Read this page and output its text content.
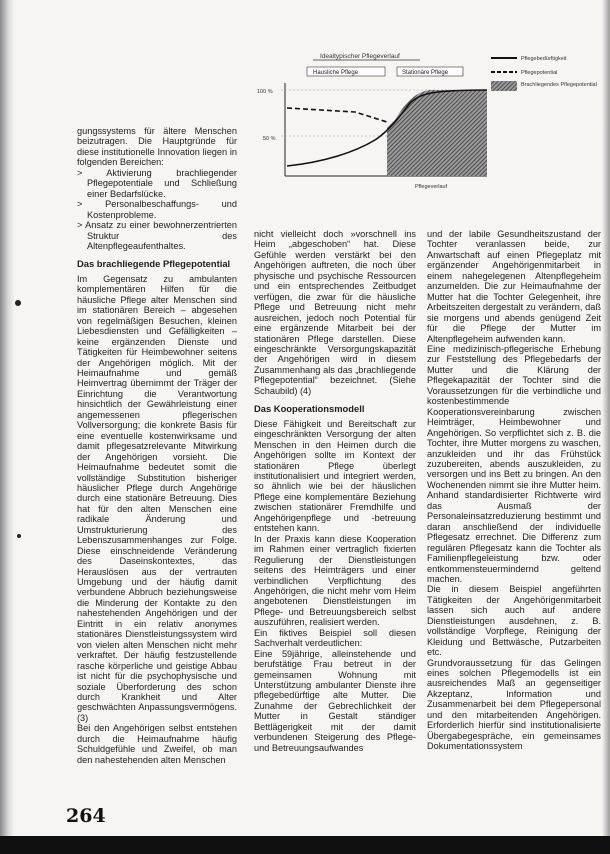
Idealtypischer Pflegeverlauf
Hausliche Pflege	Stationäre Pflege
100 %
50 %
Pflegeverlauf
Pflegebedürftigkeit
Pflegepotential
Brachliegendes Pflegepotential

gungssystems für ältere Menschen beizutragen. Die Hauptgründe für diese institutionelle Innovation liegen in folgenden Bereichen:

> Aktivierung brachliegender Pflegepotentiale und Schließung einer Bedarfslücke.
> Personalbeschaffungs- und Kostenprobleme.
> Ansatz zu einer bewohnerzentrierten Struktur des Altenpflegeaufenthaltes.
Das brachliegende Pflegepotential

Im Gegensatz zu ambulanten komplementären Hilfen für die häusliche Pflege alter Menschen sind im stationären Bereich – abgesehen von regelmäßigen Besuchen, kleinen Liebesdiensten und Gefälligkeiten – keine ergänzenden Dienste und Tätigkeiten für Heimbewohner seitens der Angehörigen möglich. Mit der Heimaufnahme und gemäß Heimvertrag übernimmt der Träger der Einrichtung die Verantwortung hinsichtlich der Gewährleistung einer angemessenen pflegerischen Vollversorgung; die konkrete Basis für eine eventuelle kostenwirksame und damit pflegesatzrelevante Mitwirkung der Angehörigen vorsieht. Die Heimaufnahme bedeutet somit die vollständige Substitution bisheriger häuslicher Pflege durch Angehörige durch eine stationäre Betreuung. Dies hat für den alten Menschen eine radikale Änderung und Umstrukturierung des Lebenszusammenhanges zur Folge. Diese einschneidende Veränderung des Daseinskontextes, das Herauslösen aus der vertrauten Umgebung und der häufig damit verbundene Abbruch beziehungsweise die Minderung der Kontakte zu den nahestehenden Angehörigen und der Eintritt in ein relativ anonymes stationäres Dienstleistungssystem wird von vielen alten Menschen nicht mehr verkraftet. Der häufig festzustellende rasche körperliche und geistige Abbau ist nicht für die psychophysische und soziale Überforderung des schon durch Krankheit und Alter geschwächten Anpassungsvermögens. (3)

Bei den Angehörigen selbst entstehen durch die Heimaufnahme häufig Schuldgefühle und Zweifel, ob man den nahestehenden alten Menschen

nicht vielleicht doch »vorschnell ins Heim „abgeschoben“ hat. Diese Gefühle werden verstärkt bei den Angehörigen auftreten, die noch über physische und psychische Ressourcen und ein entsprechendes Zeitbudget verfügen, die zwar für die häusliche Pflege und Betreuung nicht mehr ausreichen, jedoch noch Potential für eine ergänzende Mitarbeit bei der stationären Pflege darstellen. Diese eingeschränkte Versorgungskapazität der Angehörigen wird in diesem Zusammenhang als das „brachliegende Pflegepotential“ bezeichnet. (Siehe Schaubild) (4)

Das Kooperationsmodell

Diese Fähigkeit und Bereitschaft zur eingeschränkten Versorgung der alten Menschen in den Heimen durch die Angehörigen sollte im Kontext der stationären Pflege überlegt institutionalisiert und integriert werden, so ähnlich wie bei der häuslichen Pflege eine komplementäre Beziehung zwischen stationärer Fremdhilfe und Angehörigenpflege und -betreuung entstehen kann.

In der Praxis kann diese Kooperation im Rahmen einer vertraglich fixierten Regulierung der Dienstleistungen seitens des Heimträgers und einer verbindlichen Verpflichtung des Angehörigen, die nicht mehr vom Heim angebotenen Dienstleistungen im Pflege- und Betreuungsbereich selbst auszuführen, realisiert werden.

Ein fiktives Beispiel soll diesen Sachverhalt verdeutlichen:

Eine 59jährige, alleinstehende und berufstätige Frau betreut in der gemeinsamen Wohnung mit Unterstützung ambulanter Dienste ihre pflegebedürftige alte Mutter. Die Zunahme der Gebrechlichkeit der Mutter in Gestalt ständiger Bettlägerigkeit mit der damit verbundenen Steigerung des Pflege- und Betreuungsaufwandes

und der labile Gesundheitszustand der Tochter veranlassen beide, zur Anwartschaft auf einen Pflegeplatz mit ergänzender Angehörigenmitarbeit in einem nahegelegenen Altenpflegeheim anzumelden. Die zur Heimaufnahme der Mutter hat die Tochter Gelegenheit, ihre Arbeitszeiten dergestalt zu verändern, daß sie morgens und abends genügend Zeit für die Pflege der Mutter im Altenpflegeheim aufwenden kann.

Eine medizinisch-pflegerische Erhebung zur Feststellung des Pflegebedarfs der Mutter und die Klärung der Pflegekapazität der Tochter sind die Voraussetzungen für die verbindliche und kostenbestimmende Kooperationsvereinbarung zwischen Heimträger, Heimbewohner und Angehörigen. So verpflichtet sich z. B. die Tochter, ihre Mutter morgens zu waschen, anzukleiden und ihr das Frühstück zuzubereiten, abends auszukleiden, zu versorgen und ins Bett zu bringen. An den Wochenenden nimmt sie ihre Mutter heim. Anhand standardisierter Richtwerte wird das Ausmaß der Personaleinsatzreduzierung bestimmt und daran anschließend der individuelle Pflegesatz errechnet. Die Differenz zum regulären Pflegesatz kann die Tochter als Familienpflegeleistung bzw. oder entkommensteuermindernd geltend machen.

Die in diesem Beispiel angeführten Tätigkeiten der Angehörigenmitarbeit lassen sich auch auf andere Dienstleistungen ausdehnen, z. B. vollständige Vorpflege, Reinigung der Kleidung und Bettwäsche, Putzarbeiten etc.

Grundvoraussetzung für das Gelingen eines solchen Pflegemodells ist ein ausreichendes Maß an gegenseitiger Akzeptanz, Information und Zusammenarbeit bei dem Pflegepersonal und den mitarbeitenden Angehörigen. Erforderlich hierfür sind institutionalisierte Übergabegespräche, ein gemeinsames Dokumentationssystem

264
